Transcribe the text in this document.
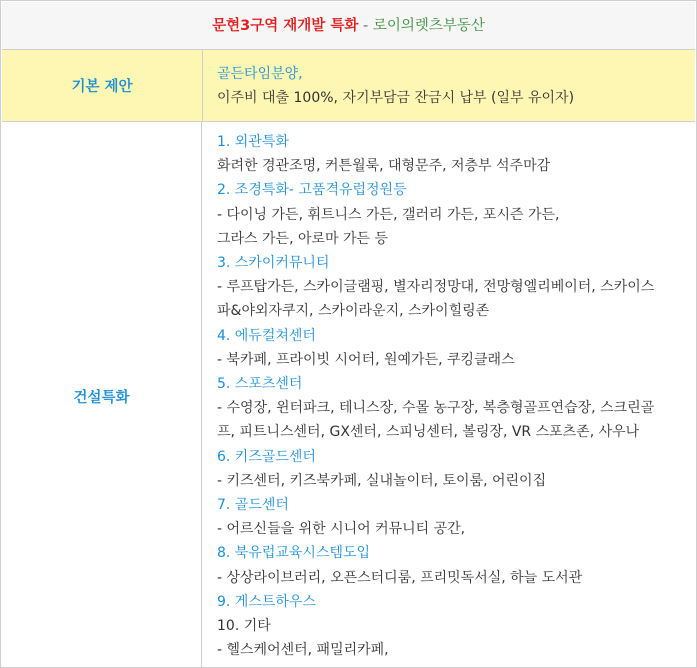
문현3구역 재개발 특화 - 로이의렛츠부동산
기본 제안
골든타임분양,
이주비 대출 100%, 자기부담금 잔금시 납부 (일부 유이자)
건설특화
1. 외관특화
화려한 경관조명, 커튼월룩, 대형문주, 저층부 석주마감
2. 조경특화- 고품격유럽정원등
- 다이닝 가든, 휘트니스 가든, 갤러리 가든, 포시즌 가든,
그라스 가든, 아로마 가든 등
3. 스카이커뮤니티
- 루프탑가든, 스카이글램핑, 별자리정망대, 전망형엘리베이터, 스카이스
파&야외자쿠지, 스카이라운지, 스카이힐링존
4. 에듀컬쳐센터
- 북카페, 프라이빗 시어터, 원예가든, 쿠킹클래스
5. 스포츠센터
- 수영장, 윈터파크, 테니스장, 수몰 농구장, 복층형골프연습장, 스크린골
프, 피트니스센터, GX센터, 스피닝센터, 볼링장, VR 스포츠존, 사우나
6. 키즈골드센터
- 키즈센터, 키즈북카페, 실내놀이터, 토이룸, 어린이집
7. 골드센터
- 어르신들을 위한 시니어 커뮤니티 공간,
8. 북유럽교육시스템도입
- 상상라이브러리, 오픈스터디룸, 프리밋독서실, 하늘 도서관
9. 게스트하우스
10. 기타
- 헬스케어센터, 패밀리카페,
